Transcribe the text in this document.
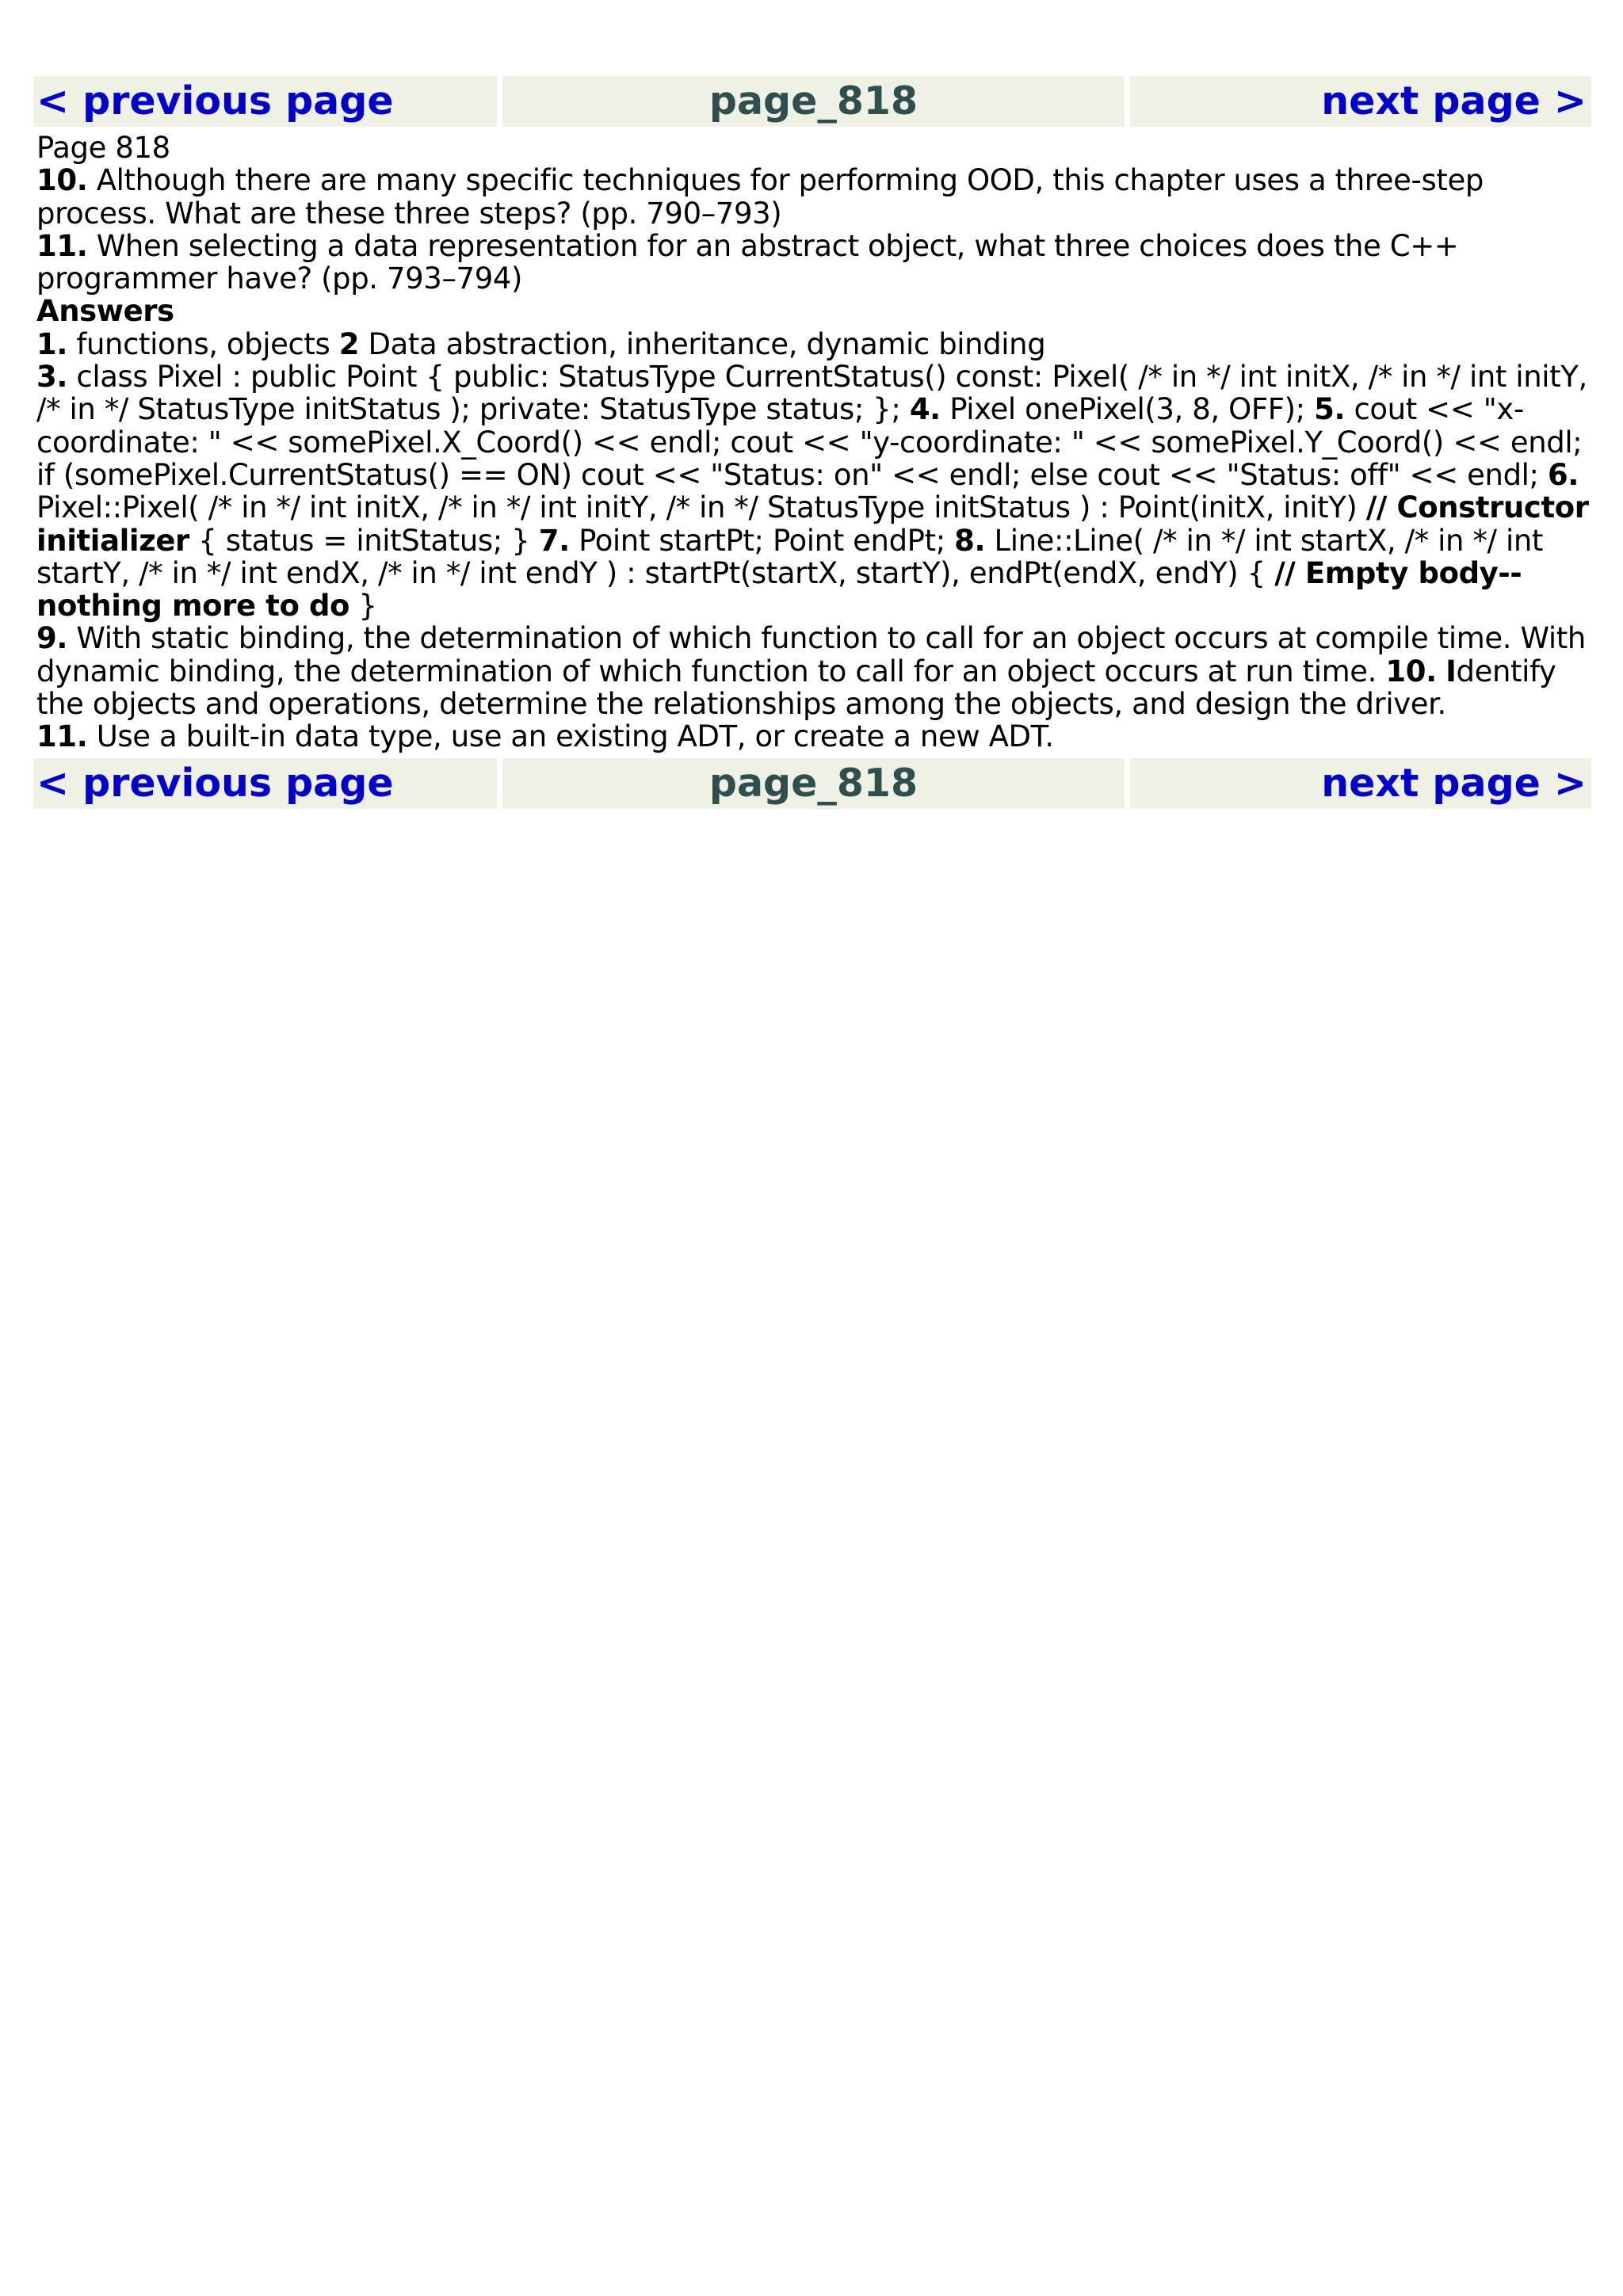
< previous page	page_818	next page >

Page 818

10. Although there are many specific techniques for performing OOD, this chapter uses a three-step process. What are these three steps? (pp. 790–793)

11. When selecting a data representation for an abstract object, what three choices does the C++ programmer have? (pp. 793–794)

Answers

1. functions, objects 2 Data abstraction, inheritance, dynamic binding

3. class Pixel : public Point { public: StatusType CurrentStatus() const: Pixel( /* in */ int initX, /* in */ int initY, /* in */ StatusType initStatus ); private: StatusType status; }; 4. Pixel onePixel(3, 8, OFF); 5. cout << "x-coordinate: " << somePixel.X_Coord() << endl; cout << "y-coordinate: " << somePixel.Y_Coord() << endl; if (somePixel.CurrentStatus() == ON) cout << "Status: on" << endl; else cout << "Status: off" << endl; 6. Pixel::Pixel( /* in */ int initX, /* in */ int initY, /* in */ StatusType initStatus ) : Point(initX, initY) // Constructor initializer { status = initStatus; } 7. Point startPt; Point endPt; 8. Line::Line( /* in */ int startX, /* in */ int startY, /* in */ int endX, /* in */ int endY ) : startPt(startX, startY), endPt(endX, endY) { // Empty body--nothing more to do }

9. With static binding, the determination of which function to call for an object occurs at compile time. With dynamic binding, the determination of which function to call for an object occurs at run time. 10. Identify the objects and operations, determine the relationships among the objects, and design the driver.

11. Use a built-in data type, use an existing ADT, or create a new ADT.

< previous page	page_818	next page >
